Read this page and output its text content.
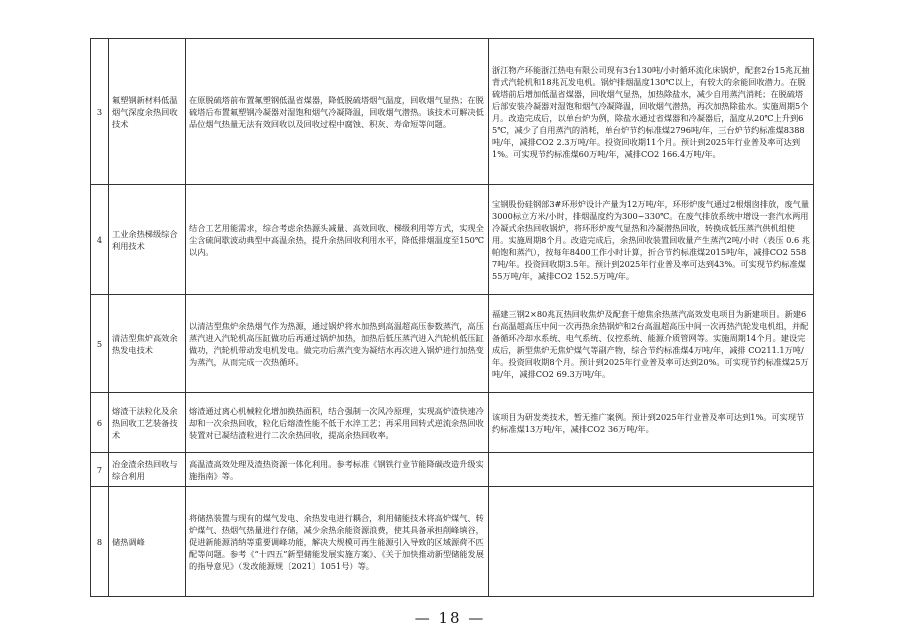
3	氟塑钢新材料低温烟气深度余热回收技术	在原脱硫塔前布置氟塑钢低温省煤器，降低脱硫塔烟气温度，回收烟气显热；在脱硫塔后布置氟塑钢冷凝器对湿饱和烟气冷凝降温，回收烟气潜热。该技术可解决低品位烟气热量无法有效回收以及回收过程中腐蚀、积灰、寿命短等问题。	浙江物产环能浙江热电有限公司现有3台130吨/小时循环流化床锅炉，配套2台15兆瓦抽背式汽轮机和18兆瓦发电机。锅炉排烟温度130℃以上，有较大的余能回收潜力。在脱硫塔前后增加低温省煤器，回收烟气显热，加热除盐水，减少自用蒸汽消耗；在脱硫塔后部安装冷凝器对湿饱和烟气冷凝降温，回收烟气潜热，再次加热除盐水。实施周期5个月。改造完成后，以单台炉为例，除盐水通过省煤器和冷凝器后，温度从20℃上升到65℃，减少了自用蒸汽的消耗，单台炉节约标准煤2796吨/年，三台炉节约标准煤8388吨/年，减排CO2 2.3万吨/年。投资回收期11个月。预计到2025年行业普及率可达到1%。可实现节约标准煤60万吨/年，减排CO2 166.4万吨/年。
4	工业余热梯级综合利用技术	结合工艺用能需求，综合考虑余热源头减量、高效回收、梯级利用等方式，实现全尘含硫间歇波动典型中高温余热，提升余热回收利用水平，降低排烟温度至150℃以内。	宝钢股份硅钢部3#环形炉设计产量为12万吨/年，环形炉废气通过2根烟囱排放，废气量3000标立方米/小时，排烟温度约为300~330℃。在废气排放系统中增设一套汽水两用冷凝式余热回收锅炉，将环形炉废气显热和冷凝潜热回收，转换成低压蒸汽供机组使用。实施周期8个月。改造完成后，余热回收装置回收量产生蒸汽2吨/小时（表压 0.6 兆帕饱和蒸汽），按每年8400工作小时计算，折合节约标准煤2015吨/年，减排CO2 5587吨/年。投资回收期3.5年。预计到2025年行业普及率可达到43%。可实现节约标准煤55万吨/年，减排CO2 152.5万吨/年。
5	清洁型焦炉高效余热发电技术	以清洁型焦炉余热烟气作为热源，通过锅炉将水加热到高温超高压参数蒸汽，高压蒸汽进入汽轮机高压缸做功后再通过锅炉加热，加热后低压蒸汽进入汽轮机低压缸做功，汽轮机带动发电机发电。做完功后蒸汽变为凝结水再次进入锅炉进行加热变为蒸汽，从而完成一次热循环。	福建三钢2×80兆瓦热回收焦炉及配套干熄焦余热蒸汽高效发电项目为新建项目。新建6台高温超高压中间一次再热余热锅炉和2台高温超高压中间一次再热汽轮发电机组，并配备循环冷却水系统、电气系统、仪控系统、能源介质管网等。实施周期14个月。建设完成后，新型焦炉无焦炉煤气等副产物，综合节约标准煤4万吨/年，减排 CO211.1万吨/年。投资回收期8个月。预计到2025年行业普及率可达到20%。可实现节约标准煤25万吨/年，减排CO2 69.3万吨/年。
6	熔渣干法粒化及余热回收工艺装备技术	熔渣通过离心机械粒化增加换热面积，结合强制一次风冷原理，实现高炉渣快速冷却和一次余热回收，粒化后熔渣性能不低于水淬工艺；再采用回转式逆流余热回收装置对已凝结渣粒进行二次余热回收，提高余热回收率。	该项目为研发类技术，暂无推广案例。预计到2025年行业普及率可达到1%。可实现节约标准煤13万吨/年，减排CO2 36万吨/年。
7	冶金渣余热回收与综合利用	高温渣高效处理及渣热资源一体化利用。参考标准《钢铁行业节能降碳改造升级实施指南》等。	
8	储热调峰	将储热装置与现有的煤气发电、余热发电进行耦合，利用储能技术将高炉煤气、转炉煤气、热烟气热量进行存储，减少余热余能资源浪费，使其具备承担削峰填谷，促进新能源消纳等重要调峰功能，解决大规模可再生能源引入导致的区域源荷不匹配等问题。参考《“十四五”新型储能发展实施方案》、《关于加快推动新型储能发展的指导意见》（发改能源规〔2021〕1051号）等。	
— 18 —
